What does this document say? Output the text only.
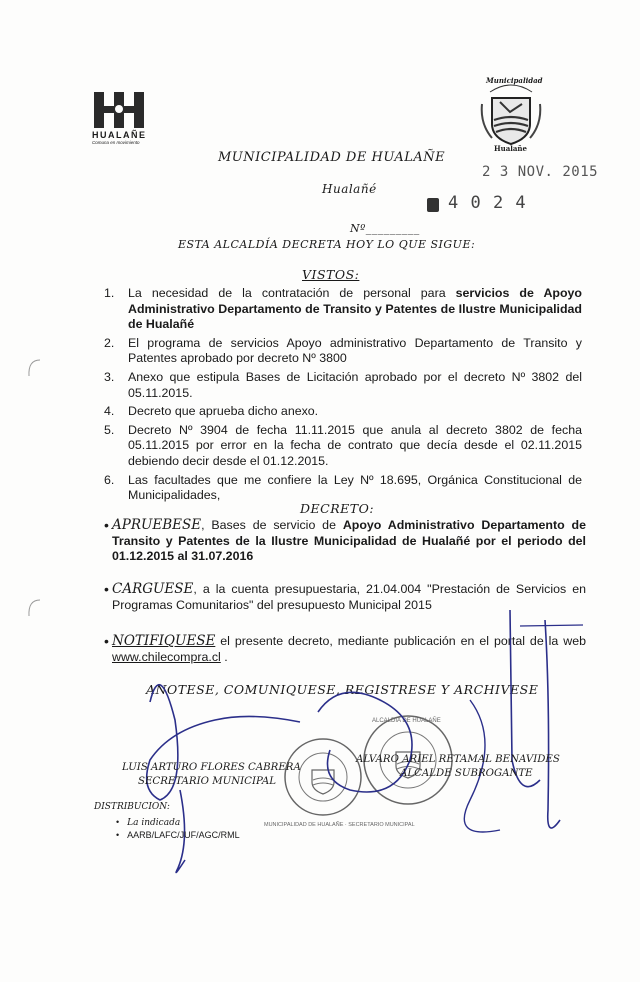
HUALAÑE
Comuna en movimiento
Municipalidad
Hualañe
MUNICIPALIDAD DE HUALAÑE
Hualañé
2 3 NOV. 2015
4 0 2 4
Nº_________
ESTA ALCALDÍA DECRETA HOY LO QUE SIGUE:
VISTOS:
1. La necesidad de la contratación de personal para servicios de Apoyo Administrativo Departamento de Transito y Patentes de Ilustre Municipalidad de Hualañé
2. El programa de servicios Apoyo administrativo Departamento de Transito y Patentes aprobado por decreto Nº 3800
3. Anexo que estipula Bases de Licitación aprobado por el decreto Nº 3802 del 05.11.2015.
4. Decreto que aprueba dicho anexo.
5. Decreto Nº 3904 de fecha 11.11.2015 que anula al decreto 3802 de fecha 05.11.2015 por error en la fecha de contrato que decía desde el 02.11.2015 debiendo decir desde el 01.12.2015.
6. Las facultades que me confiere la Ley Nº 18.695, Orgánica Constitucional de Municipalidades,
DECRETO:
• APRUEBESE, Bases de servicio de Apoyo Administrativo Departamento de Transito y Patentes de la Ilustre Municipalidad de Hualañé por el periodo del 01.12.2015 al 31.07.2016
• CARGUESE, a la cuenta presupuestaria, 21.04.004 "Prestación de Servicios en Programas Comunitarios" del presupuesto Municipal 2015
• NOTIFIQUESE el presente decreto, mediante publicación en el portal de la web www.chilecompra.cl .
ANOTESE, COMUNIQUESE, REGISTRESE Y ARCHIVESE
MUNICIPALIDAD DE HUALAÑE · SECRETARIO MUNICIPAL
ALCALDIA DE HUALAÑE
LUIS ARTURO FLORES CABRERA
SECRETARIO MUNICIPAL
ALVARO ARIEL RETAMAL BENAVIDES
ALCALDE SUBROGANTE
DISTRIBUCION:
• La indicada
• AARB/LAFC/JUF/AGC/RML
